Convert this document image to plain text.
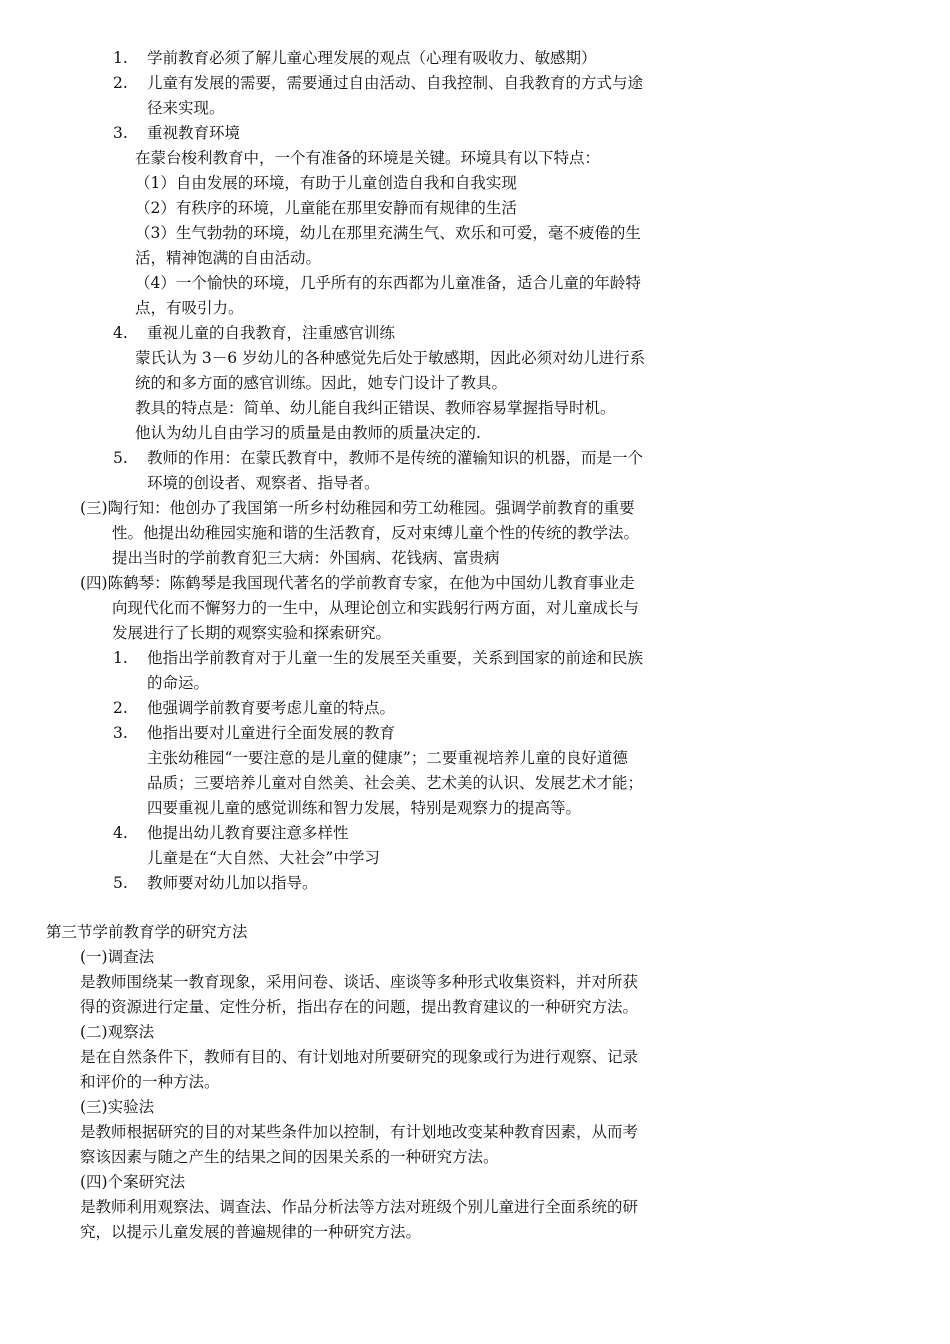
1. 学前教育必须了解儿童心理发展的观点（心理有吸收力、敏感期）
2. 儿童有发展的需要，需要通过自由活动、自我控制、自我教育的方式与途
径来实现。
3. 重视教育环境
在蒙台梭利教育中，一个有准备的环境是关键。环境具有以下特点：
（1）自由发展的环境，有助于儿童创造自我和自我实现
（2）有秩序的环境，儿童能在那里安静而有规律的生活
（3）生气勃勃的环境，幼儿在那里充满生气、欢乐和可爱，毫不疲倦的生
活，精神饱满的自由活动。
（4）一个愉快的环境，几乎所有的东西都为儿童准备，适合儿童的年龄特
点，有吸引力。
4. 重视儿童的自我教育，注重感官训练
蒙氏认为 3－6 岁幼儿的各种感觉先后处于敏感期，因此必须对幼儿进行系
统的和多方面的感官训练。因此，她专门设计了教具。
教具的特点是：简单、幼儿能自我纠正错误、教师容易掌握指导时机。
他认为幼儿自由学习的质量是由教师的质量决定的.
5. 教师的作用：在蒙氏教育中，教师不是传统的灌输知识的机器，而是一个
环境的创设者、观察者、指导者。
(三)陶行知：他创办了我国第一所乡村幼稚园和劳工幼稚园。强调学前教育的重要
性。他提出幼稚园实施和谐的生活教育，反对束缚儿童个性的传统的教学法。
提出当时的学前教育犯三大病：外国病、花钱病、富贵病
(四)陈鹤琴：陈鹤琴是我国现代著名的学前教育专家，在他为中国幼儿教育事业走
向现代化而不懈努力的一生中，从理论创立和实践躬行两方面，对儿童成长与
发展进行了长期的观察实验和探索研究。
1. 他指出学前教育对于儿童一生的发展至关重要，关系到国家的前途和民族
的命运。
2. 他强调学前教育要考虑儿童的特点。
3. 他指出要对儿童进行全面发展的教育
主张幼稚园“一要注意的是儿童的健康”；二要重视培养儿童的良好道德
品质；三要培养儿童对自然美、社会美、艺术美的认识、发展艺术才能；
四要重视儿童的感觉训练和智力发展，特别是观察力的提高等。
4. 他提出幼儿教育要注意多样性
儿童是在“大自然、大社会”中学习
5. 教师要对幼儿加以指导。
第三节学前教育学的研究方法
(一)调查法
是教师围绕某一教育现象，采用问卷、谈话、座谈等多种形式收集资料，并对所获
得的资源进行定量、定性分析，指出存在的问题，提出教育建议的一种研究方法。
(二)观察法
是在自然条件下，教师有目的、有计划地对所要研究的现象或行为进行观察、记录
和评价的一种方法。
(三)实验法
是教师根据研究的目的对某些条件加以控制，有计划地改变某种教育因素，从而考
察该因素与随之产生的结果之间的因果关系的一种研究方法。
(四)个案研究法
是教师利用观察法、调查法、作品分析法等方法对班级个别儿童进行全面系统的研
究，以提示儿童发展的普遍规律的一种研究方法。
